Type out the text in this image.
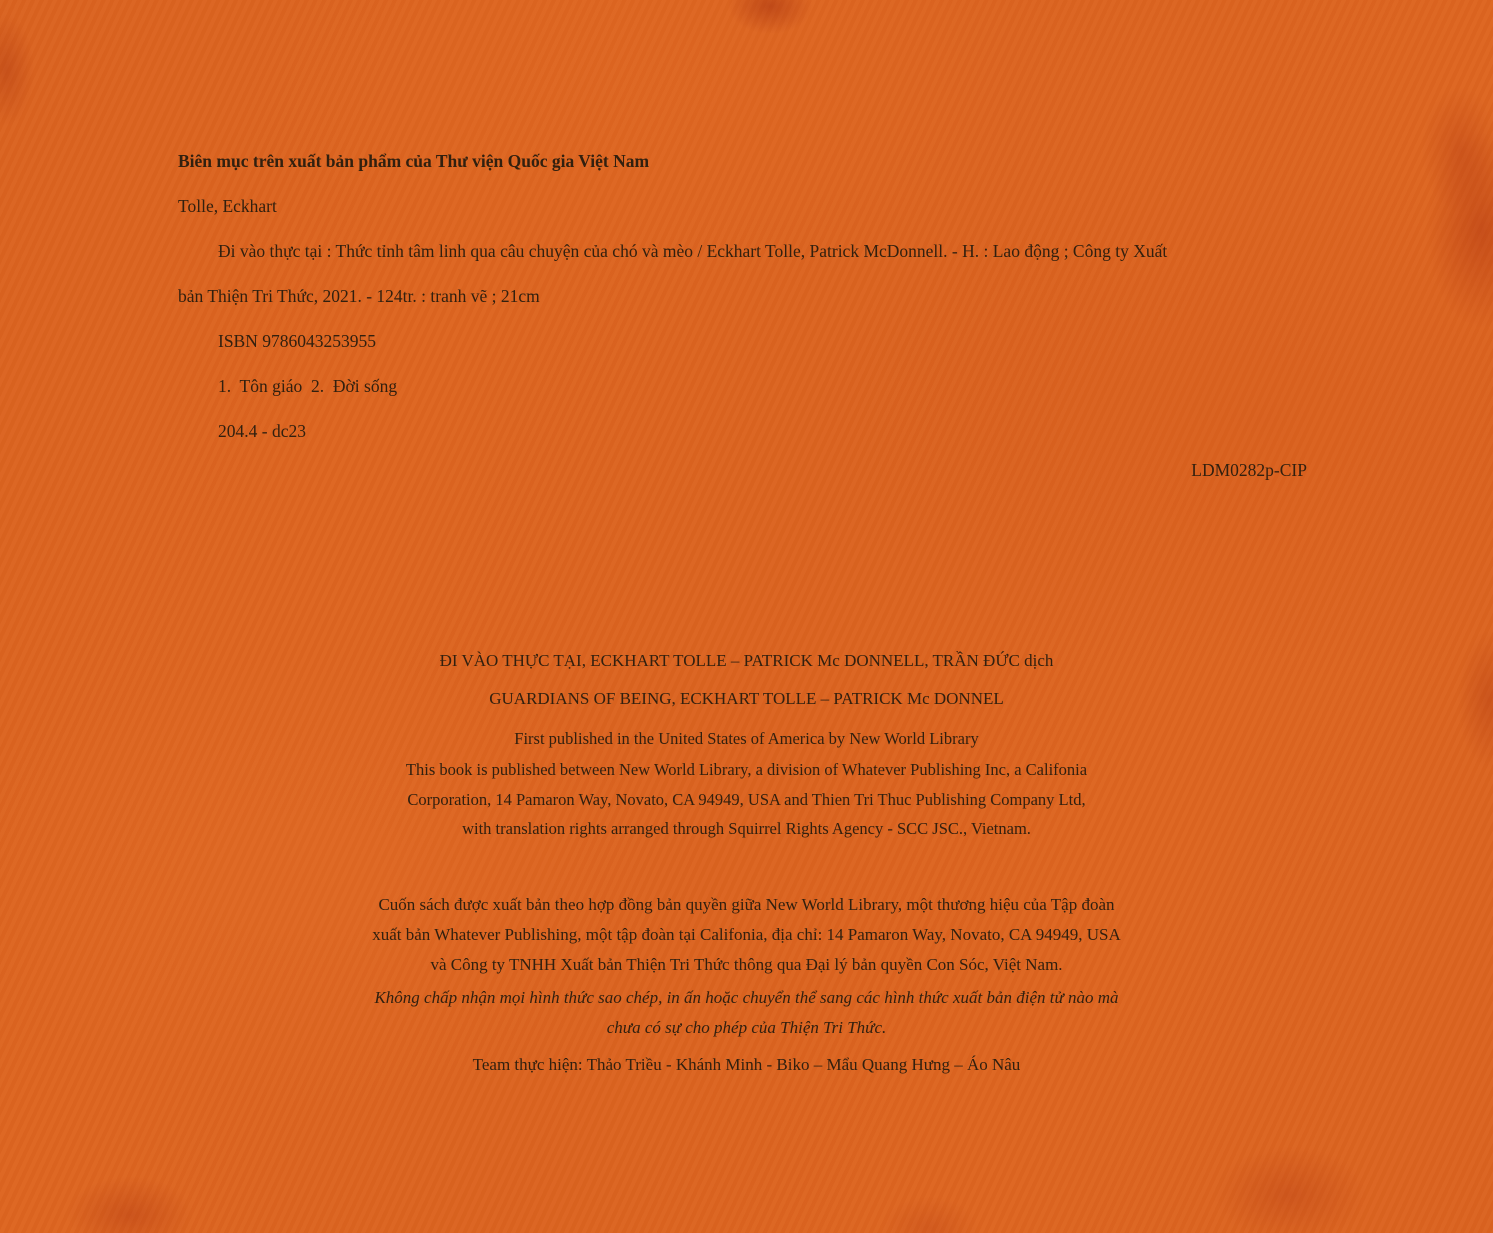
Biên mục trên xuất bản phẩm của Thư viện Quốc gia Việt Nam

Tolle, Eckhart

Đi vào thực tại : Thức tỉnh tâm linh qua câu chuyện của chó và mèo / Eckhart Tolle, Patrick McDonnell. - H. : Lao động ; Công ty Xuất

bản Thiện Tri Thức, 2021. - 124tr. : tranh vẽ ; 21cm

ISBN 9786043253955

1.  Tôn giáo  2.  Đời sống

204.4 - dc23

LDM0282p-CIP

ĐI VÀO THỰC TẠI, ECKHART TOLLE – PATRICK Mc DONNELL, TRẦN ĐỨC dịch

GUARDIANS OF BEING, ECKHART TOLLE – PATRICK Mc DONNEL

First published in the United States of America by New World Library

This book is published between New World Library, a division of Whatever Publishing Inc, a Califonia

Corporation, 14 Pamaron Way, Novato, CA 94949, USA and Thien Tri Thuc Publishing Company Ltd,

with translation rights arranged through Squirrel Rights Agency - SCC JSC., Vietnam.

Cuốn sách được xuất bản theo hợp đồng bản quyền giữa New World Library, một thương hiệu của Tập đoàn

xuất bản Whatever Publishing, một tập đoàn tại Califonia, địa chỉ: 14 Pamaron Way, Novato, CA 94949, USA

và Công ty TNHH Xuất bản Thiện Tri Thức thông qua Đại lý bản quyền Con Sóc, Việt Nam.

Không chấp nhận mọi hình thức sao chép, in ấn hoặc chuyển thể sang các hình thức xuất bản điện tử nào mà

chưa có sự cho phép của Thiện Tri Thức.

Team thực hiện: Thảo Triều - Khánh Minh - Biko – Mẩu Quang Hưng – Áo Nâu
